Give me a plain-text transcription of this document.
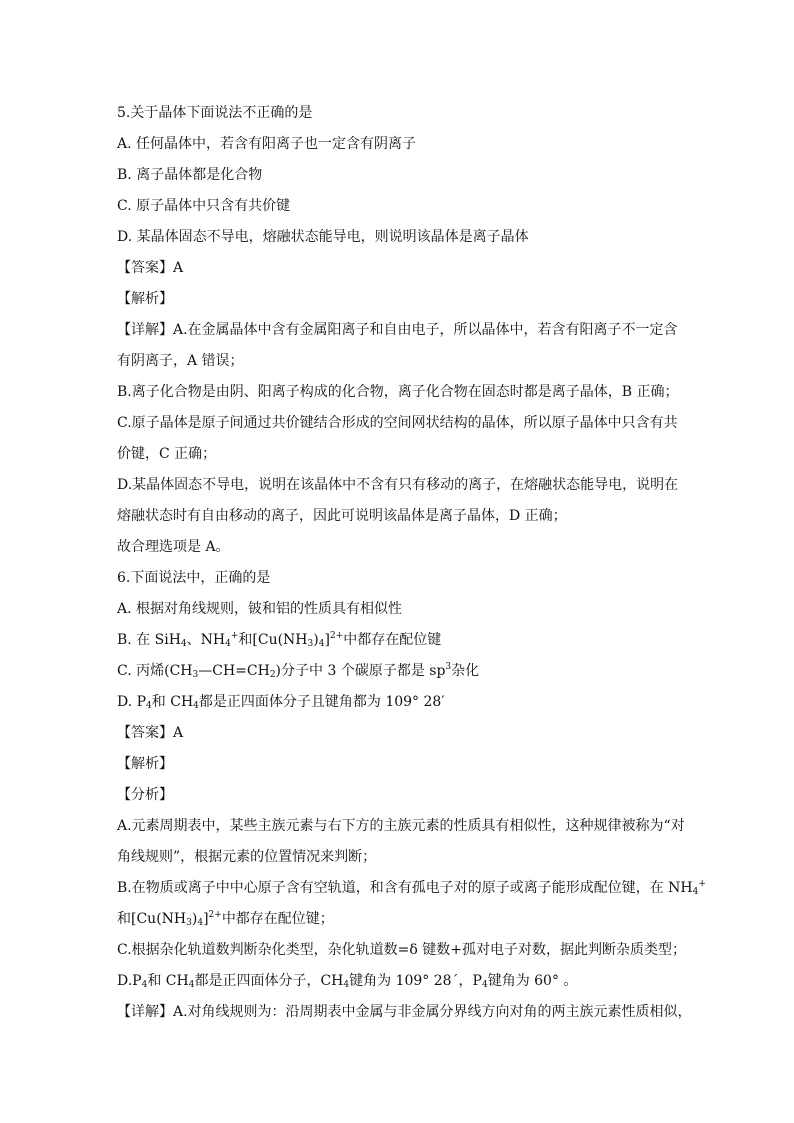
5.关于晶体下面说法不正确的是
A. 任何晶体中，若含有阳离子也一定含有阴离子
B. 离子晶体都是化合物
C. 原子晶体中只含有共价键
D. 某晶体固态不导电，熔融状态能导电，则说明该晶体是离子晶体
【答案】A
【解析】
【详解】A.在金属晶体中含有金属阳离子和自由电子，所以晶体中，若含有阳离子不一定含
有阴离子，A 错误；
B.离子化合物是由阴、阳离子构成的化合物，离子化合物在固态时都是离子晶体，B 正确；
C.原子晶体是原子间通过共价键结合形成的空间网状结构的晶体，所以原子晶体中只含有共
价键，C 正确；
D.某晶体固态不导电，说明在该晶体中不含有只有移动的离子，在熔融状态能导电，说明在
熔融状态时有自由移动的离子，因此可说明该晶体是离子晶体，D 正确；
故合理选项是 A。
6.下面说法中，正确的是
A. 根据对角线规则，铍和铝的性质具有相似性
B. 在 SiH$_4$、$NH_4^+$和$[Cu(NH_3)_4]^{2+}$中都存在配位键
C. 丙烯$(CH_3—CH=CH_2)$分子中 3 个碳原子都是 $sp^3$杂化
D. $P_4$和 $CH_4$都是正四面体分子且键角都为 109° 28′
【答案】A
【解析】
【分析】
A.元素周期表中，某些主族元素与右下方的主族元素的性质具有相似性，这种规律被称为“对
角线规则”，根据元素的位置情况来判断；
B.在物质或离子中中心原子含有空轨道，和含有孤电子对的原子或离子能形成配位键，在 $NH_4^+$
和$[Cu(NH_3)_4]^{2+}$中都存在配位键；
C.根据杂化轨道数判断杂化类型，杂化轨道数=δ 键数+孤对电子对数，据此判断杂质类型；
$D.P_4$和 $CH_4$都是正四面体分子，$CH_4$键角为 109° 28´，$P_4$键角为 60° 。
【详解】A.对角线规则为：沿周期表中金属与非金属分界线方向对角的两主族元素性质相似，
